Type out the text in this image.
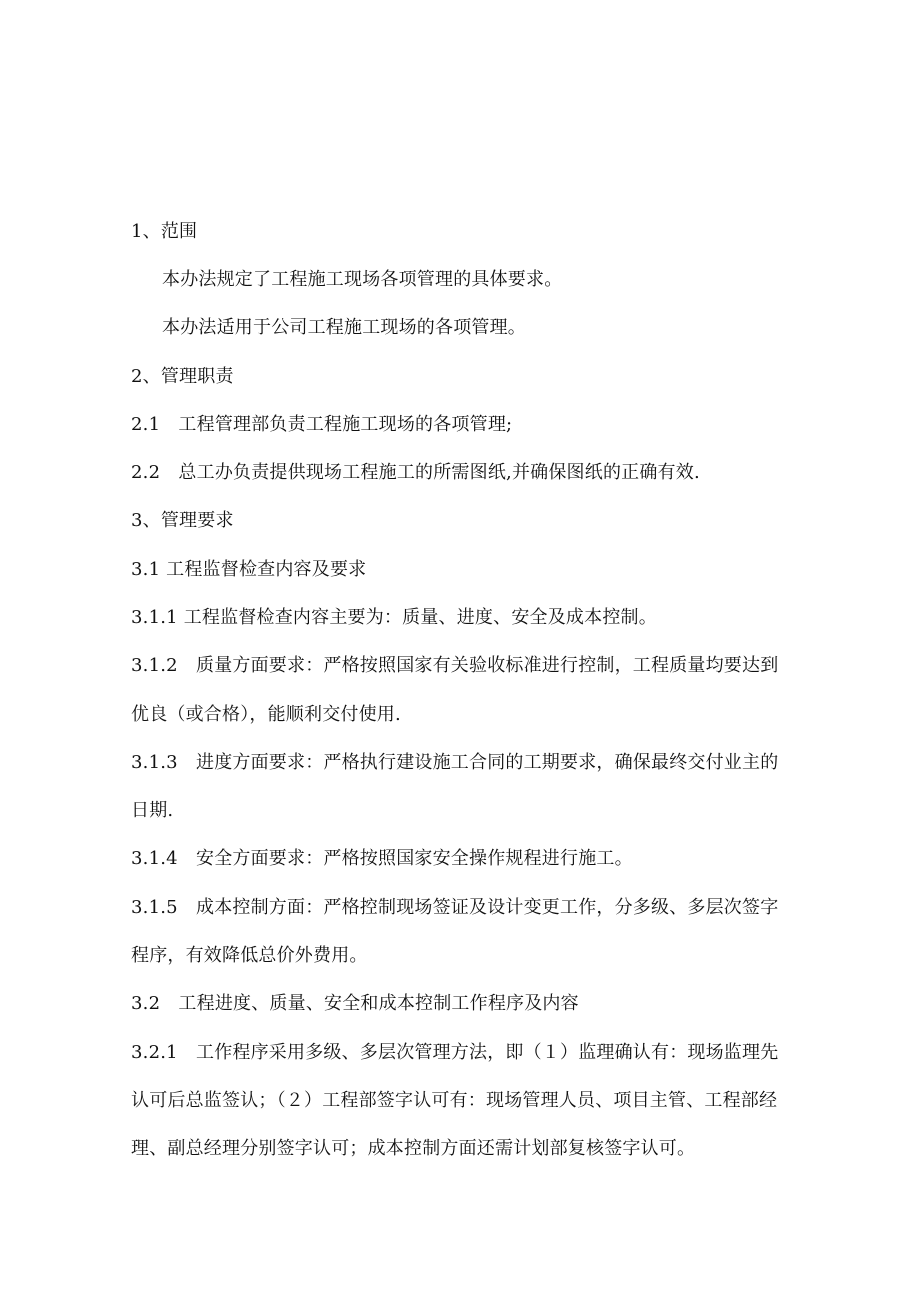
1、范围
本办法规定了工程施工现场各项管理的具体要求。
本办法适用于公司工程施工现场的各项管理。
2、管理职责
2.1　工程管理部负责工程施工现场的各项管理;
2.2　总工办负责提供现场工程施工的所需图纸,并确保图纸的正确有效.
3、管理要求
3.1 工程监督检查内容及要求
3.1.1 工程监督检查内容主要为：质量、进度、安全及成本控制。
3.1.2　质量方面要求：严格按照国家有关验收标准进行控制，工程质量均要达到
优良（或合格），能顺利交付使用.
3.1.3　进度方面要求：严格执行建设施工合同的工期要求，确保最终交付业主的
日期.
3.1.4　安全方面要求：严格按照国家安全操作规程进行施工。
3.1.5　成本控制方面：严格控制现场签证及设计变更工作，分多级、多层次签字
程序，有效降低总价外费用。
3.2　工程进度、质量、安全和成本控制工作程序及内容
3.2.1　工作程序采用多级、多层次管理方法，即（１）监理确认有：现场监理先
认可后总监签认；（２）工程部签字认可有：现场管理人员、项目主管、工程部经
理、副总经理分别签字认可；成本控制方面还需计划部复核签字认可。
